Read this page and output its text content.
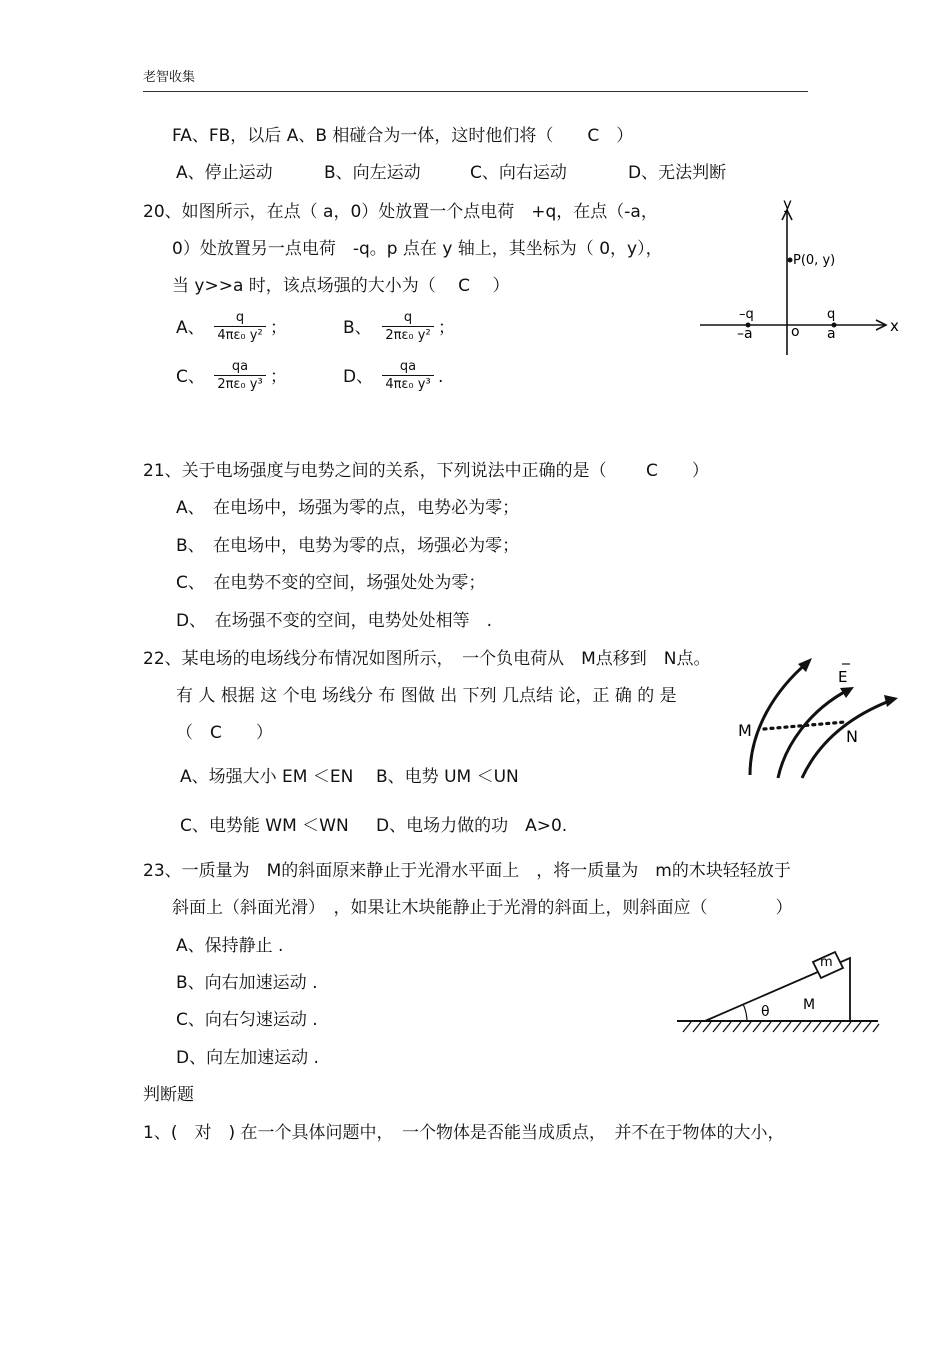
老智收集
FA、FB，以后 A、B 相碰合为一体，这时他们将（　　C　）
A、停止运动	B、向左运动	C、向右运动	D、无法判断
20、如图所示，在点（ a，0）处放置一个点电荷　+q，在点（-a，
0）处放置另一点电荷　-q。p 点在 y 轴上，其坐标为（ 0，y），
当 y>>a 时，该点场强的大小为（　 C　 ）
A、 $\frac{q}{\text{4πε₀ y²}}$ ；	B、 $\frac{q}{\text{2πε₀ y²}}$ ；
C、 $\frac{qa}{\text{2πε₀ y³}}$ ；	D、 $\frac{qa}{\text{4πε₀ y³}}$ .
y
x
P(0, y)
o
–q
–a
q
a
21、关于电场强度与电势之间的关系，下列说法中正确的是（　　 C　　）
A、　在电场中，场强为零的点，电势必为零；
B、　在电场中，电势为零的点，场强必为零；
C、　在电势不变的空间，场强处处为零；
D、　在场强不变的空间，电势处处相等　.
22、某电场的电场线分布情况如图所示，　一个负电荷从　M点移到　N点。
有 人 根据 这 个电 场线分 布 图做 出 下列 几点结 论，正 确 的 是
（　C　　）
A、场强大小 EM ＜EN B、电势 UM ＜UN
C、电势能 WM ＜WN D、电场力做的功　A>0.
E
M	N
23、一质量为　M的斜面原来静止于光滑水平面上　，将一质量为　m的木块轻轻放于
斜面上（斜面光滑）　，如果让木块能静止于光滑的斜面上，则斜面应（　　　　）
A、保持静止 .
B、向右加速运动 .
C、向右匀速运动 .
D、向左加速运动 .
m
θ M
判断题
1、(　对　) 在一个具体问题中，　一个物体是否能当成质点，　并不在于物体的大小，
